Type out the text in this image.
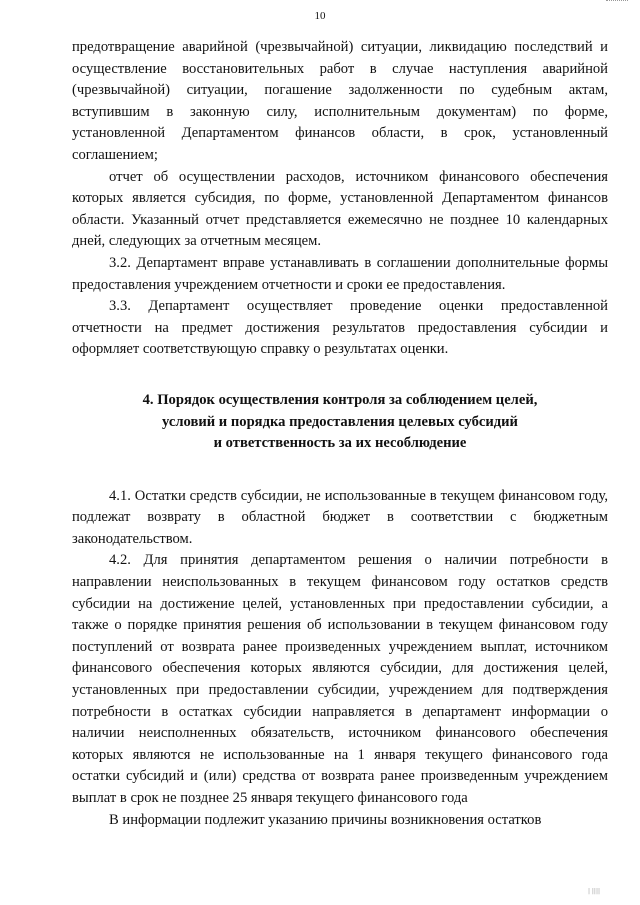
10

предотвращение аварийной (чрезвычайной) ситуации, ликвидацию последствий и осуществление восстановительных работ в случае наступления аварийной (чрезвычайной) ситуации, погашение задолженности по судебным актам, вступившим в законную силу, исполнительным документам) по форме, установленной Департаментом финансов области, в срок, установленный соглашением;

отчет об осуществлении расходов, источником финансового обеспечения которых является субсидия, по форме, установленной Департаментом финансов области. Указанный отчет представляется ежемесячно не позднее 10 календарных дней, следующих за отчетным месяцем.

3.2. Департамент вправе устанавливать в соглашении дополнительные формы предоставления учреждением отчетности и сроки ее предоставления.

3.3. Департамент осуществляет проведение оценки предоставленной отчетности на предмет достижения результатов предоставления субсидии и оформляет соответствующую справку о результатах оценки.

4. Порядок осуществления контроля за соблюдением целей,
условий и порядка предоставления целевых субсидий
и ответственность за их несоблюдение

4.1. Остатки средств субсидии, не использованные в текущем финансовом году, подлежат возврату в областной бюджет в соответствии с бюджетным законодательством.

4.2. Для принятия департаментом решения о наличии потребности в направлении неиспользованных в текущем финансовом году остатков средств субсидии на достижение целей, установленных при предоставлении субсидии, а также о порядке принятия решения об использовании в текущем финансовом году поступлений от возврата ранее произведенных учреждением выплат, источником финансового обеспечения которых являются субсидии, для достижения целей, установленных при предоставлении субсидии, учреждением для подтверждения потребности в остатках субсидии направляется в департамент информации о наличии неисполненных обязательств, источником финансового обеспечения которых являются не использованные на 1 января текущего финансового года остатки субсидий и (или) средства от возврата ранее произведенным учреждением выплат в срок не позднее 25 января текущего финансового года

В информации подлежит указанию причины возникновения остатков

| ||||
